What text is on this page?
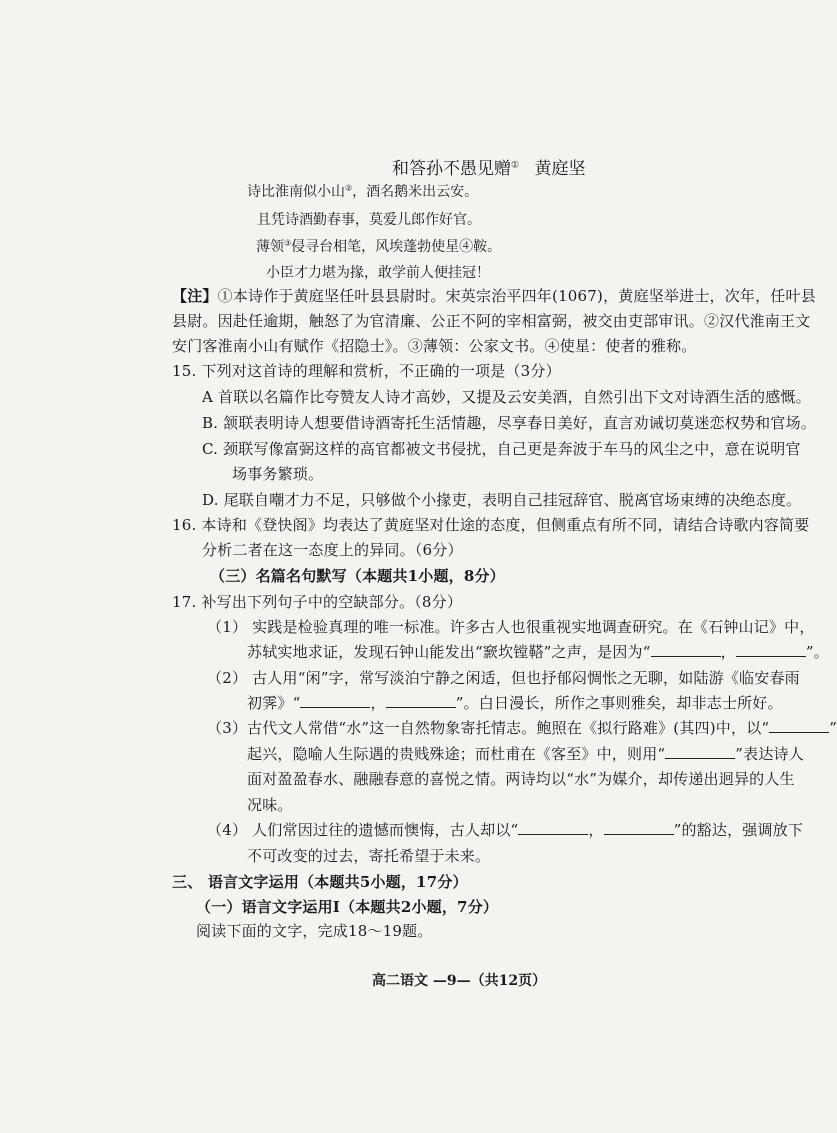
和答孙不愚见赠① 黄庭坚
诗比淮南似小山②，酒名鹅米出云安。
且凭诗酒勤春事，莫爱儿郎作好官。
薄领③侵寻台相笔，风埃蓬勃使星④鞍。
小臣才力堪为掾，敢学前人便挂冠！
【注】①本诗作于黄庭坚任叶县县尉时。宋英宗治平四年(1067)，黄庭坚举进士，次年，任叶县
县尉。因赴任逾期，触怒了为官清廉、公正不阿的宰相富弼，被交由吏部审讯。②汉代淮南王文
安门客淮南小山有赋作《招隐士》。③薄领：公家文书。④使星：使者的雅称。
15. 下列对这首诗的理解和赏析，不正确的一项是（3分）
A 首联以名篇作比夸赞友人诗才高妙，又提及云安美酒，自然引出下文对诗酒生活的感慨。
B. 颔联表明诗人想要借诗酒寄托生活情趣，尽享春日美好，直言劝诫切莫迷恋权势和官场。
C. 颈联写像富弼这样的高官都被文书侵扰，自己更是奔波于车马的风尘之中，意在说明官
场事务繁琐。
D. 尾联自嘲才力不足，只够做个小掾吏，表明自己挂冠辞官、脱离官场束缚的决绝态度。
16. 本诗和《登快阁》均表达了黄庭坚对仕途的态度，但侧重点有所不同，请结合诗歌内容简要
分析二者在这一态度上的异同。（6分）
（三）名篇名句默写（本题共1小题，8分）
17. 补写出下列句子中的空缺部分。（8分）
（1） 实践是检验真理的唯一标准。许多古人也很重视实地调查研究。在《石钟山记》中，
苏轼实地求证，发现石钟山能发出“窾坎镗鞳”之声，是因为“	，	”。
（2） 古人用“闲”字，常写淡泊宁静之闲适，但也抒郁闷惆怅之无聊，如陆游《临安春雨
初霁》“	，	”。白日漫长，所作之事则雅矣，却非志士所好。
（3）古代文人常借“水”这一自然物象寄托情志。鲍照在《拟行路难》(其四)中，以“	”
起兴，隐喻人生际遇的贵贱殊途；而杜甫在《客至》中，则用“	”表达诗人
面对盈盈春水、融融春意的喜悦之情。两诗均以“水”为媒介，却传递出迥异的人生
况味。
（4） 人们常因过往的遗憾而懊悔，古人却以“	，	”的豁达，强调放下
不可改变的过去，寄托希望于未来。
三、 语言文字运用（本题共5小题，17分）
（一）语言文字运用Ⅰ（本题共2小题，7分）
阅读下面的文字，完成18～19题。
高二语文 —9—（共12页）
